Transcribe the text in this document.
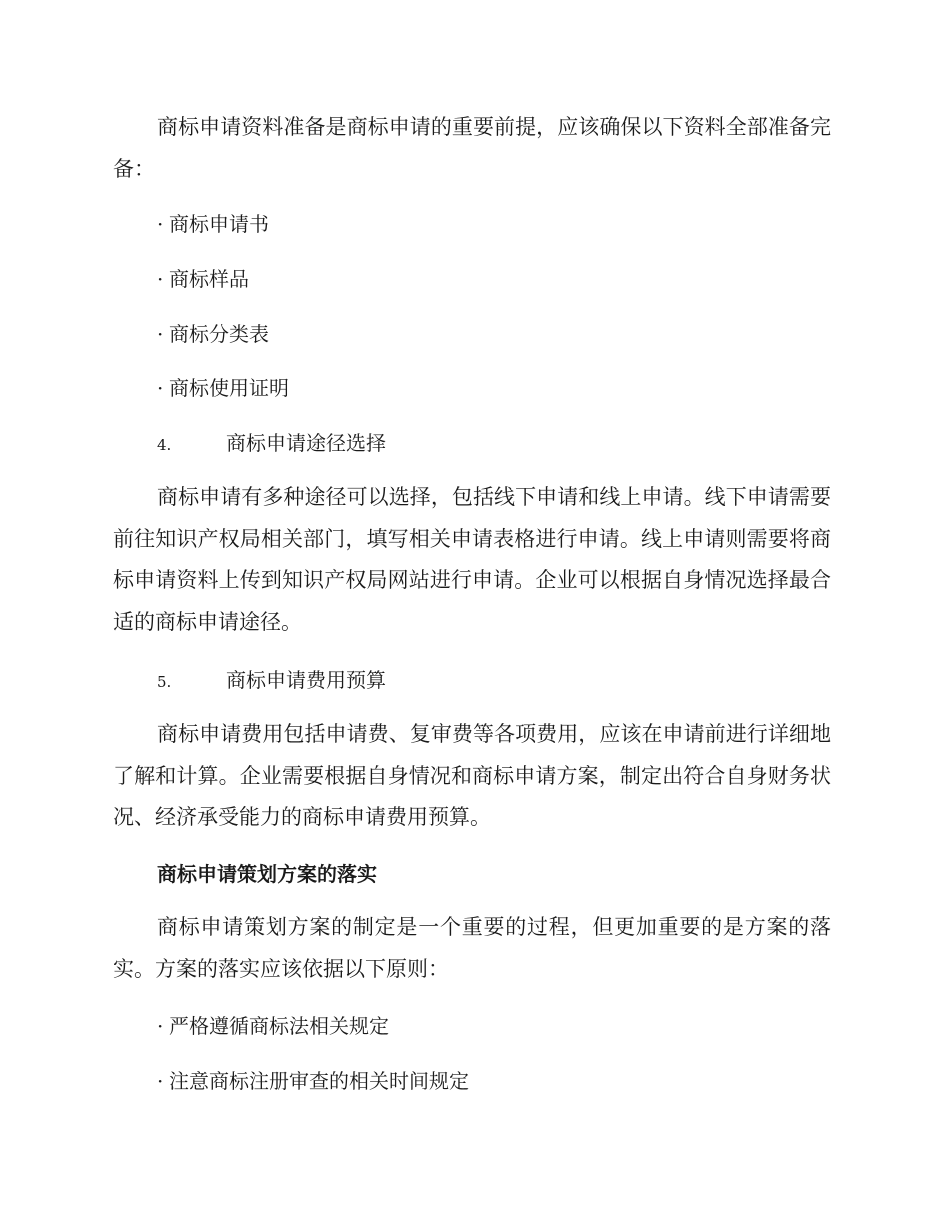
商标申请资料准备是商标申请的重要前提，应该确保以下资料全部准备完备：

· 商标申请书

· 商标样品

· 商标分类表

· 商标使用证明

4.	商标申请途径选择

商标申请有多种途径可以选择，包括线下申请和线上申请。线下申请需要前往知识产权局相关部门，填写相关申请表格进行申请。线上申请则需要将商标申请资料上传到知识产权局网站进行申请。企业可以根据自身情况选择最合适的商标申请途径。

5.	商标申请费用预算

商标申请费用包括申请费、复审费等各项费用，应该在申请前进行详细地了解和计算。企业需要根据自身情况和商标申请方案，制定出符合自身财务状况、经济承受能力的商标申请费用预算。

商标申请策划方案的落实

商标申请策划方案的制定是一个重要的过程，但更加重要的是方案的落实。方案的落实应该依据以下原则：

· 严格遵循商标法相关规定

· 注意商标注册审查的相关时间规定
